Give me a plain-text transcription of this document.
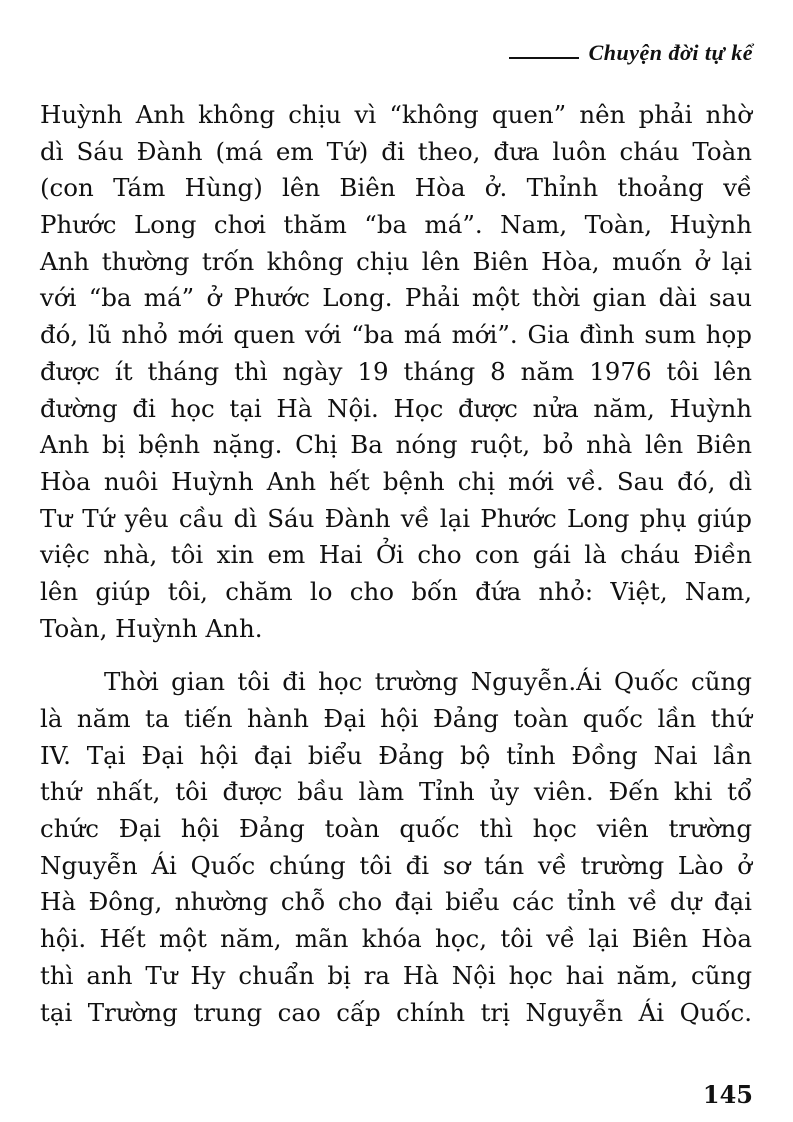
Chuyện đời tự kể

Huỳnh Anh không chịu vì “không quen” nên phải nhờ
dì Sáu Đành (má em Tứ) đi theo, đưa luôn cháu Toàn
(con Tám Hùng) lên Biên Hòa ở. Thỉnh thoảng về
Phước Long chơi thăm “ba má”. Nam, Toàn, Huỳnh
Anh thường trốn không chịu lên Biên Hòa, muốn ở lại
với “ba má” ở Phước Long. Phải một thời gian dài sau
đó, lũ nhỏ mới quen với “ba má mới”. Gia đình sum họp
được ít tháng thì ngày 19 tháng 8 năm 1976 tôi lên
đường đi học tại Hà Nội. Học được nửa năm, Huỳnh
Anh bị bệnh nặng. Chị Ba nóng ruột, bỏ nhà lên Biên
Hòa nuôi Huỳnh Anh hết bệnh chị mới về. Sau đó, dì
Tư Tứ yêu cầu dì Sáu Đành về lại Phước Long phụ giúp
việc nhà, tôi xin em Hai Ởi cho con gái là cháu Điền
lên giúp tôi, chăm lo cho bốn đứa nhỏ: Việt, Nam,
Toàn, Huỳnh Anh.

Thời gian tôi đi học trường Nguyễn.Ái Quốc cũng
là năm ta tiến hành Đại hội Đảng toàn quốc lần thứ
IV. Tại Đại hội đại biểu Đảng bộ tỉnh Đồng Nai lần
thứ nhất, tôi được bầu làm Tỉnh ủy viên. Đến khi tổ
chức Đại hội Đảng toàn quốc thì học viên trường
Nguyễn Ái Quốc chúng tôi đi sơ tán về trường Lào ở
Hà Đông, nhường chỗ cho đại biểu các tỉnh về dự đại
hội. Hết một năm, mãn khóa học, tôi về lại Biên Hòa
thì anh Tư Hy chuẩn bị ra Hà Nội học hai năm, cũng
tại Trường trung cao cấp chính trị Nguyễn Ái Quốc.

145
